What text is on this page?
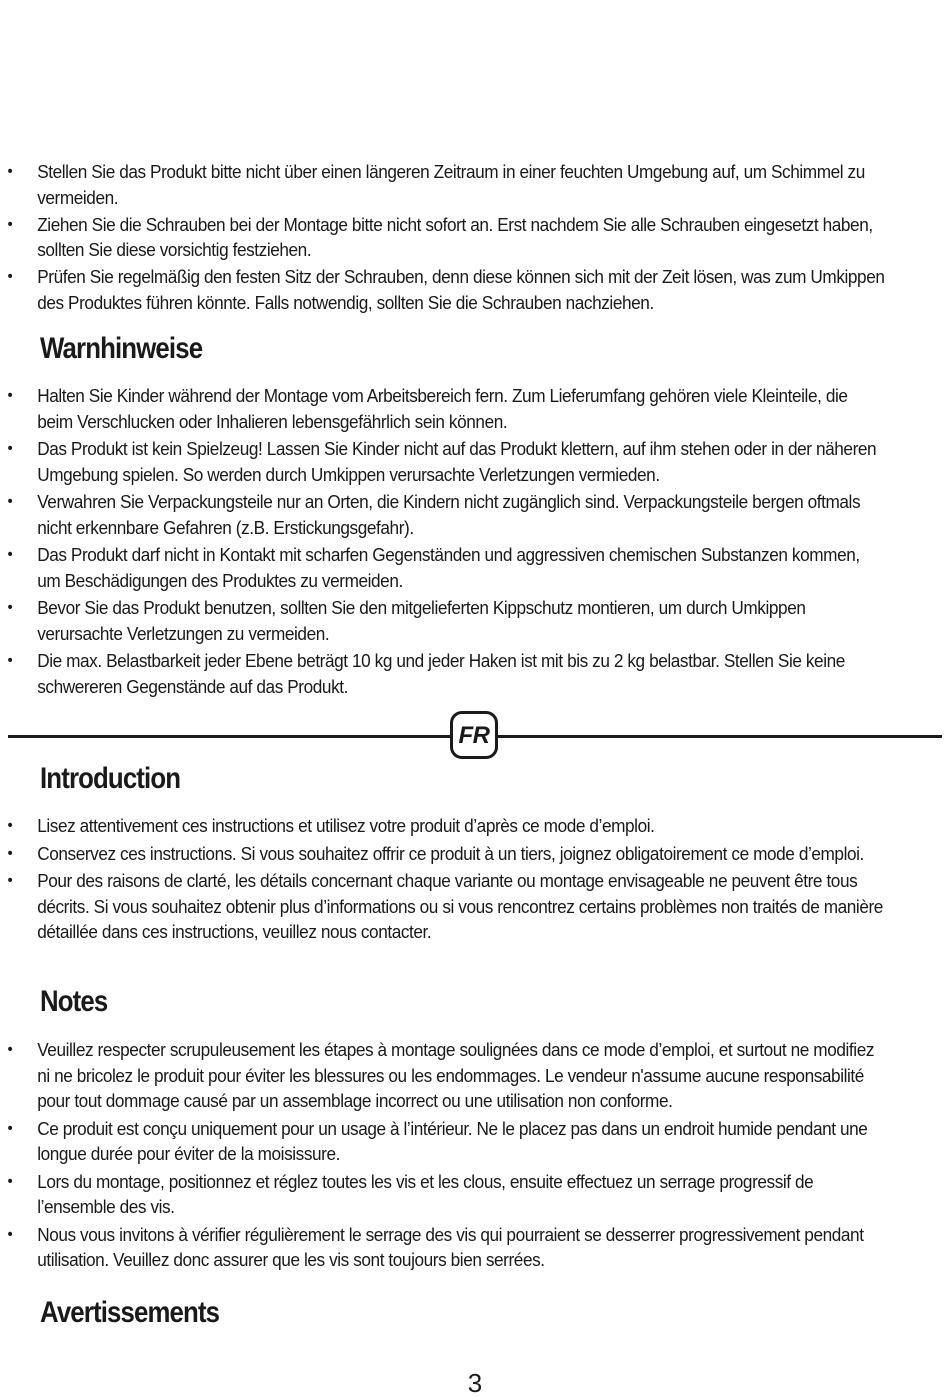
• Stellen Sie das Produkt bitte nicht über einen längeren Zeitraum in einer feuchten Umgebung auf, um Schimmel zu vermeiden.
• Ziehen Sie die Schrauben bei der Montage bitte nicht sofort an. Erst nachdem Sie alle Schrauben eingesetzt haben, sollten Sie diese vorsichtig festziehen.
• Prüfen Sie regelmäßig den festen Sitz der Schrauben, denn diese können sich mit der Zeit lösen, was zum Umkippen des Produktes führen könnte. Falls notwendig, sollten Sie die Schrauben nachziehen.
Warnhinweise
• Halten Sie Kinder während der Montage vom Arbeitsbereich fern. Zum Lieferumfang gehören viele Kleinteile, die beim Verschlucken oder Inhalieren lebensgefährlich sein können.
• Das Produkt ist kein Spielzeug! Lassen Sie Kinder nicht auf das Produkt klettern, auf ihm stehen oder in der näheren Umgebung spielen. So werden durch Umkippen verursachte Verletzungen vermieden.
• Verwahren Sie Verpackungsteile nur an Orten, die Kindern nicht zugänglich sind. Verpackungsteile bergen oftmals nicht erkennbare Gefahren (z.B. Erstickungsgefahr).
• Das Produkt darf nicht in Kontakt mit scharfen Gegenständen und aggressiven chemischen Substanzen kommen, um Beschädigungen des Produktes zu vermeiden.
• Bevor Sie das Produkt benutzen, sollten Sie den mitgelieferten Kippschutz montieren, um durch Umkippen verursachte Verletzungen zu vermeiden.
• Die max. Belastbarkeit jeder Ebene beträgt 10 kg und jeder Haken ist mit bis zu 2 kg belastbar. Stellen Sie keine schwereren Gegenstände auf das Produkt.
FR
Introduction
• Lisez attentivement ces instructions et utilisez votre produit d’après ce mode d’emploi.
• Conservez ces instructions. Si vous souhaitez offrir ce produit à un tiers, joignez obligatoirement ce mode d’emploi.
• Pour des raisons de clarté, les détails concernant chaque variante ou montage envisageable ne peuvent être tous décrits. Si vous souhaitez obtenir plus d’informations ou si vous rencontrez certains problèmes non traités de manière détaillée dans ces instructions, veuillez nous contacter.
Notes
• Veuillez respecter scrupuleusement les étapes à montage soulignées dans ce mode d’emploi, et surtout ne modifiez ni ne bricolez le produit pour éviter les blessures ou les endommages. Le vendeur n'assume aucune responsabilité pour tout dommage causé par un assemblage incorrect ou une utilisation non conforme.
• Ce produit est conçu uniquement pour un usage à l’intérieur. Ne le placez pas dans un endroit humide pendant une longue durée pour éviter de la moisissure.
• Lors du montage, positionnez et réglez toutes les vis et les clous, ensuite effectuez un serrage progressif de l’ensemble des vis.
• Nous vous invitons à vérifier régulièrement le serrage des vis qui pourraient se desserrer progressivement pendant utilisation. Veuillez donc assurer que les vis sont toujours bien serrées.
Avertissements
3
